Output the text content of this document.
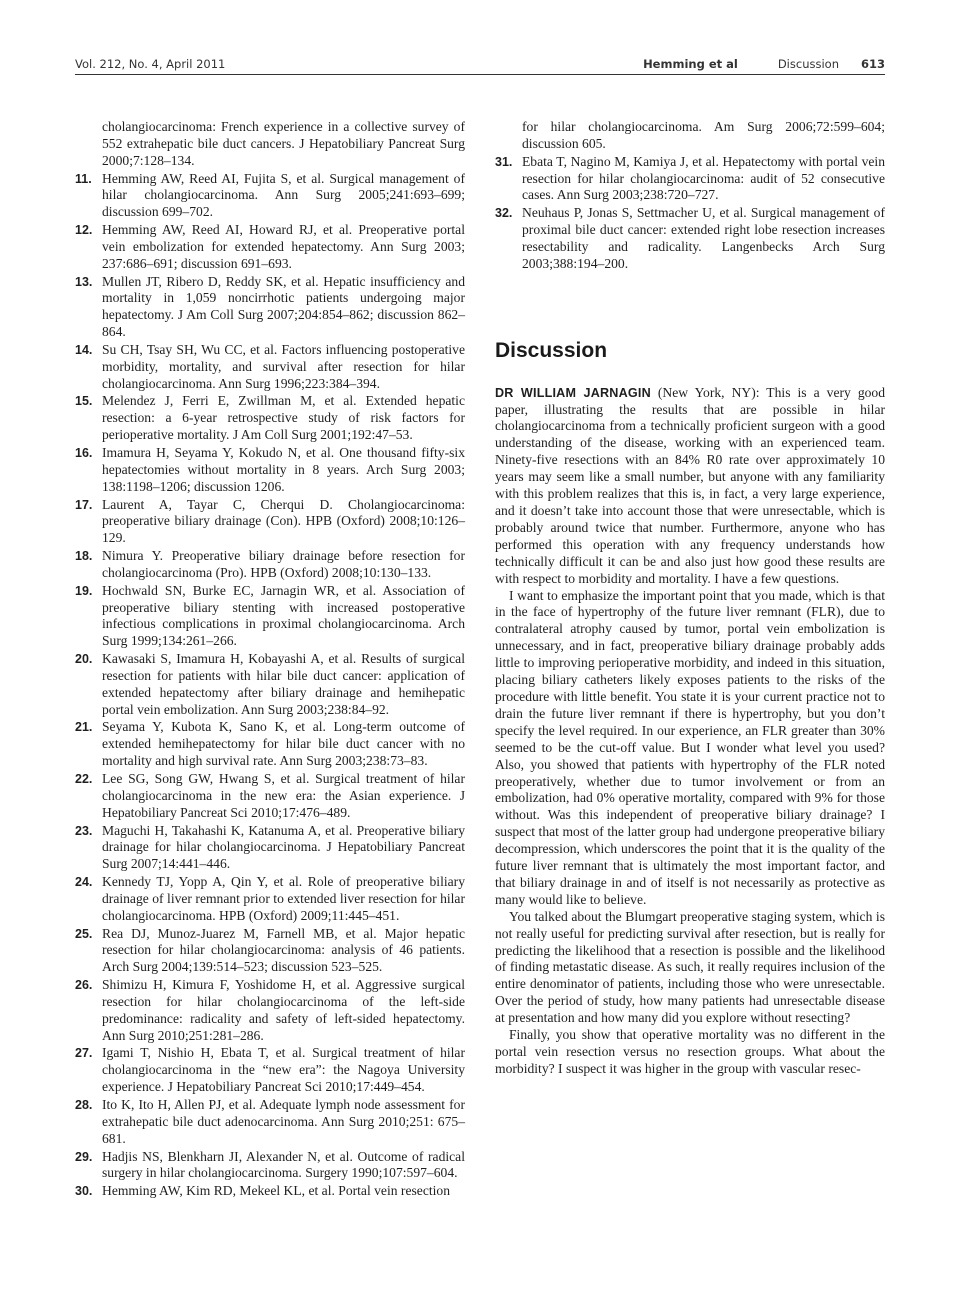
Vol. 212, No. 4, April 2011	Hemming et al	Discussion 613
cholangiocarcinoma: French experience in a collective survey of 552 extrahepatic bile duct cancers. J Hepatobiliary Pancreat Surg 2000;7:128–134.
11. Hemming AW, Reed AI, Fujita S, et al. Surgical management of hilar cholangiocarcinoma. Ann Surg 2005;241:693–699; discussion 699–702.
12. Hemming AW, Reed AI, Howard RJ, et al. Preoperative portal vein embolization for extended hepatectomy. Ann Surg 2003; 237:686–691; discussion 691–693.
13. Mullen JT, Ribero D, Reddy SK, et al. Hepatic insufficiency and mortality in 1,059 noncirrhotic patients undergoing major hepatectomy. J Am Coll Surg 2007;204:854–862; discussion 862–864.
14. Su CH, Tsay SH, Wu CC, et al. Factors influencing postoperative morbidity, mortality, and survival after resection for hilar cholangiocarcinoma. Ann Surg 1996;223:384–394.
15. Melendez J, Ferri E, Zwillman M, et al. Extended hepatic resection: a 6-year retrospective study of risk factors for perioperative mortality. J Am Coll Surg 2001;192:47–53.
16. Imamura H, Seyama Y, Kokudo N, et al. One thousand fifty-six hepatectomies without mortality in 8 years. Arch Surg 2003; 138:1198–1206; discussion 1206.
17. Laurent A, Tayar C, Cherqui D. Cholangiocarcinoma: preoperative biliary drainage (Con). HPB (Oxford) 2008;10:126–129.
18. Nimura Y. Preoperative biliary drainage before resection for cholangiocarcinoma (Pro). HPB (Oxford) 2008;10:130–133.
19. Hochwald SN, Burke EC, Jarnagin WR, et al. Association of preoperative biliary stenting with increased postoperative infectious complications in proximal cholangiocarcinoma. Arch Surg 1999;134:261–266.
20. Kawasaki S, Imamura H, Kobayashi A, et al. Results of surgical resection for patients with hilar bile duct cancer: application of extended hepatectomy after biliary drainage and hemihepatic portal vein embolization. Ann Surg 2003;238:84–92.
21. Seyama Y, Kubota K, Sano K, et al. Long-term outcome of extended hemihepatectomy for hilar bile duct cancer with no mortality and high survival rate. Ann Surg 2003;238:73–83.
22. Lee SG, Song GW, Hwang S, et al. Surgical treatment of hilar cholangiocarcinoma in the new era: the Asian experience. J Hepatobiliary Pancreat Sci 2010;17:476–489.
23. Maguchi H, Takahashi K, Katanuma A, et al. Preoperative biliary drainage for hilar cholangiocarcinoma. J Hepatobiliary Pancreat Surg 2007;14:441–446.
24. Kennedy TJ, Yopp A, Qin Y, et al. Role of preoperative biliary drainage of liver remnant prior to extended liver resection for hilar cholangiocarcinoma. HPB (Oxford) 2009;11:445–451.
25. Rea DJ, Munoz-Juarez M, Farnell MB, et al. Major hepatic resection for hilar cholangiocarcinoma: analysis of 46 patients. Arch Surg 2004;139:514–523; discussion 523–525.
26. Shimizu H, Kimura F, Yoshidome H, et al. Aggressive surgical resection for hilar cholangiocarcinoma of the left-side predominance: radicality and safety of left-sided hepatectomy. Ann Surg 2010;251:281–286.
27. Igami T, Nishio H, Ebata T, et al. Surgical treatment of hilar cholangiocarcinoma in the “new era”: the Nagoya University experience. J Hepatobiliary Pancreat Sci 2010;17:449–454.
28. Ito K, Ito H, Allen PJ, et al. Adequate lymph node assessment for extrahepatic bile duct adenocarcinoma. Ann Surg 2010;251: 675–681.
29. Hadjis NS, Blenkharn JI, Alexander N, et al. Outcome of radical surgery in hilar cholangiocarcinoma. Surgery 1990;107:597–604.
30. Hemming AW, Kim RD, Mekeel KL, et al. Portal vein resection
for hilar cholangiocarcinoma. Am Surg 2006;72:599–604; discussion 605.
31. Ebata T, Nagino M, Kamiya J, et al. Hepatectomy with portal vein resection for hilar cholangiocarcinoma: audit of 52 consecutive cases. Ann Surg 2003;238:720–727.
32. Neuhaus P, Jonas S, Settmacher U, et al. Surgical management of proximal bile duct cancer: extended right lobe resection increases resectability and radicality. Langenbecks Arch Surg 2003;388:194–200.
Discussion

DR WILLIAM JARNAGIN (New York, NY): This is a very good paper, illustrating the results that are possible in hilar cholangiocarcinoma from a technically proficient surgeon with a good understanding of the disease, working with an experienced team. Ninety-five resections with an 84% R0 rate over approximately 10 years may seem like a small number, but anyone with any familiarity with this problem realizes that this is, in fact, a very large experience, and it doesn’t take into account those that were unresectable, which is probably around twice that number. Furthermore, anyone who has performed this operation with any frequency understands how technically difficult it can be and also just how good these results are with respect to morbidity and mortality. I have a few questions.

I want to emphasize the important point that you made, which is that in the face of hypertrophy of the future liver remnant (FLR), due to contralateral atrophy caused by tumor, portal vein embolization is unnecessary, and in fact, preoperative biliary drainage probably adds little to improving perioperative morbidity, and indeed in this situation, placing biliary catheters likely exposes patients to the risks of the procedure with little benefit. You state it is your current practice not to drain the future liver remnant if there is hypertrophy, but you don’t specify the level required. In our experience, an FLR greater than 30% seemed to be the cut-off value. But I wonder what level you used? Also, you showed that patients with hypertrophy of the FLR noted preoperatively, whether due to tumor involvement or from an embolization, had 0% operative mortality, compared with 9% for those without. Was this independent of preoperative biliary drainage? I suspect that most of the latter group had undergone preoperative biliary decompression, which underscores the point that it is the quality of the future liver remnant that is ultimately the most important factor, and that biliary drainage in and of itself is not necessarily as protective as many would like to believe.

You talked about the Blumgart preoperative staging system, which is not really useful for predicting survival after resection, but is really for predicting the likelihood that a resection is possible and the likelihood of finding metastatic disease. As such, it really requires inclusion of the entire denominator of patients, including those who were unresectable. Over the period of study, how many patients had unresectable disease at presentation and how many did you explore without resecting?

Finally, you show that operative mortality was no different in the portal vein resection versus no resection groups. What about the morbidity? I suspect it was higher in the group with vascular resec-
